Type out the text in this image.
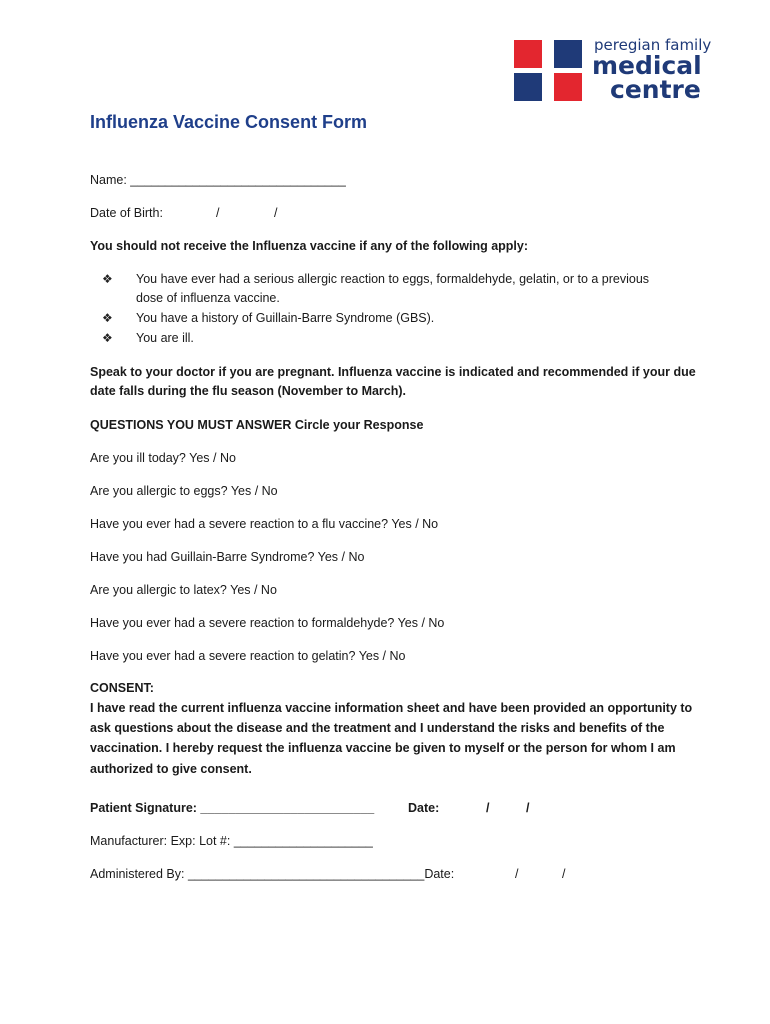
peregian family
medical
centre
Influenza Vaccine Consent Form
Name: _______________________________
Date of Birth:	/	/
You should not receive the Influenza vaccine if any of the following apply:
❖ You have ever had a serious allergic reaction to eggs, formaldehyde, gelatin, or to a previous
dose of influenza vaccine.
❖ You have a history of Guillain-Barre Syndrome (GBS).
❖ You are ill.
Speak to your doctor if you are pregnant. Influenza vaccine is indicated and recommended if your due
date falls during the flu season (November to March).
QUESTIONS YOU MUST ANSWER Circle your Response
Are you ill today? Yes / No
Are you allergic to eggs? Yes / No
Have you ever had a severe reaction to a flu vaccine? Yes / No
Have you had Guillain-Barre Syndrome? Yes / No
Are you allergic to latex? Yes / No
Have you ever had a severe reaction to formaldehyde? Yes / No
Have you ever had a severe reaction to gelatin? Yes / No
CONSENT:
I have read the current influenza vaccine information sheet and have been provided an opportunity to
ask questions about the disease and the treatment and I understand the risks and benefits of the
vaccination. I hereby request the influenza vaccine be given to myself or the person for whom I am
authorized to give consent.
Patient Signature: _________________________	Date:	/	/
Manufacturer: Exp: Lot #: ____________________
Administered By: __________________________________Date:	/	/
